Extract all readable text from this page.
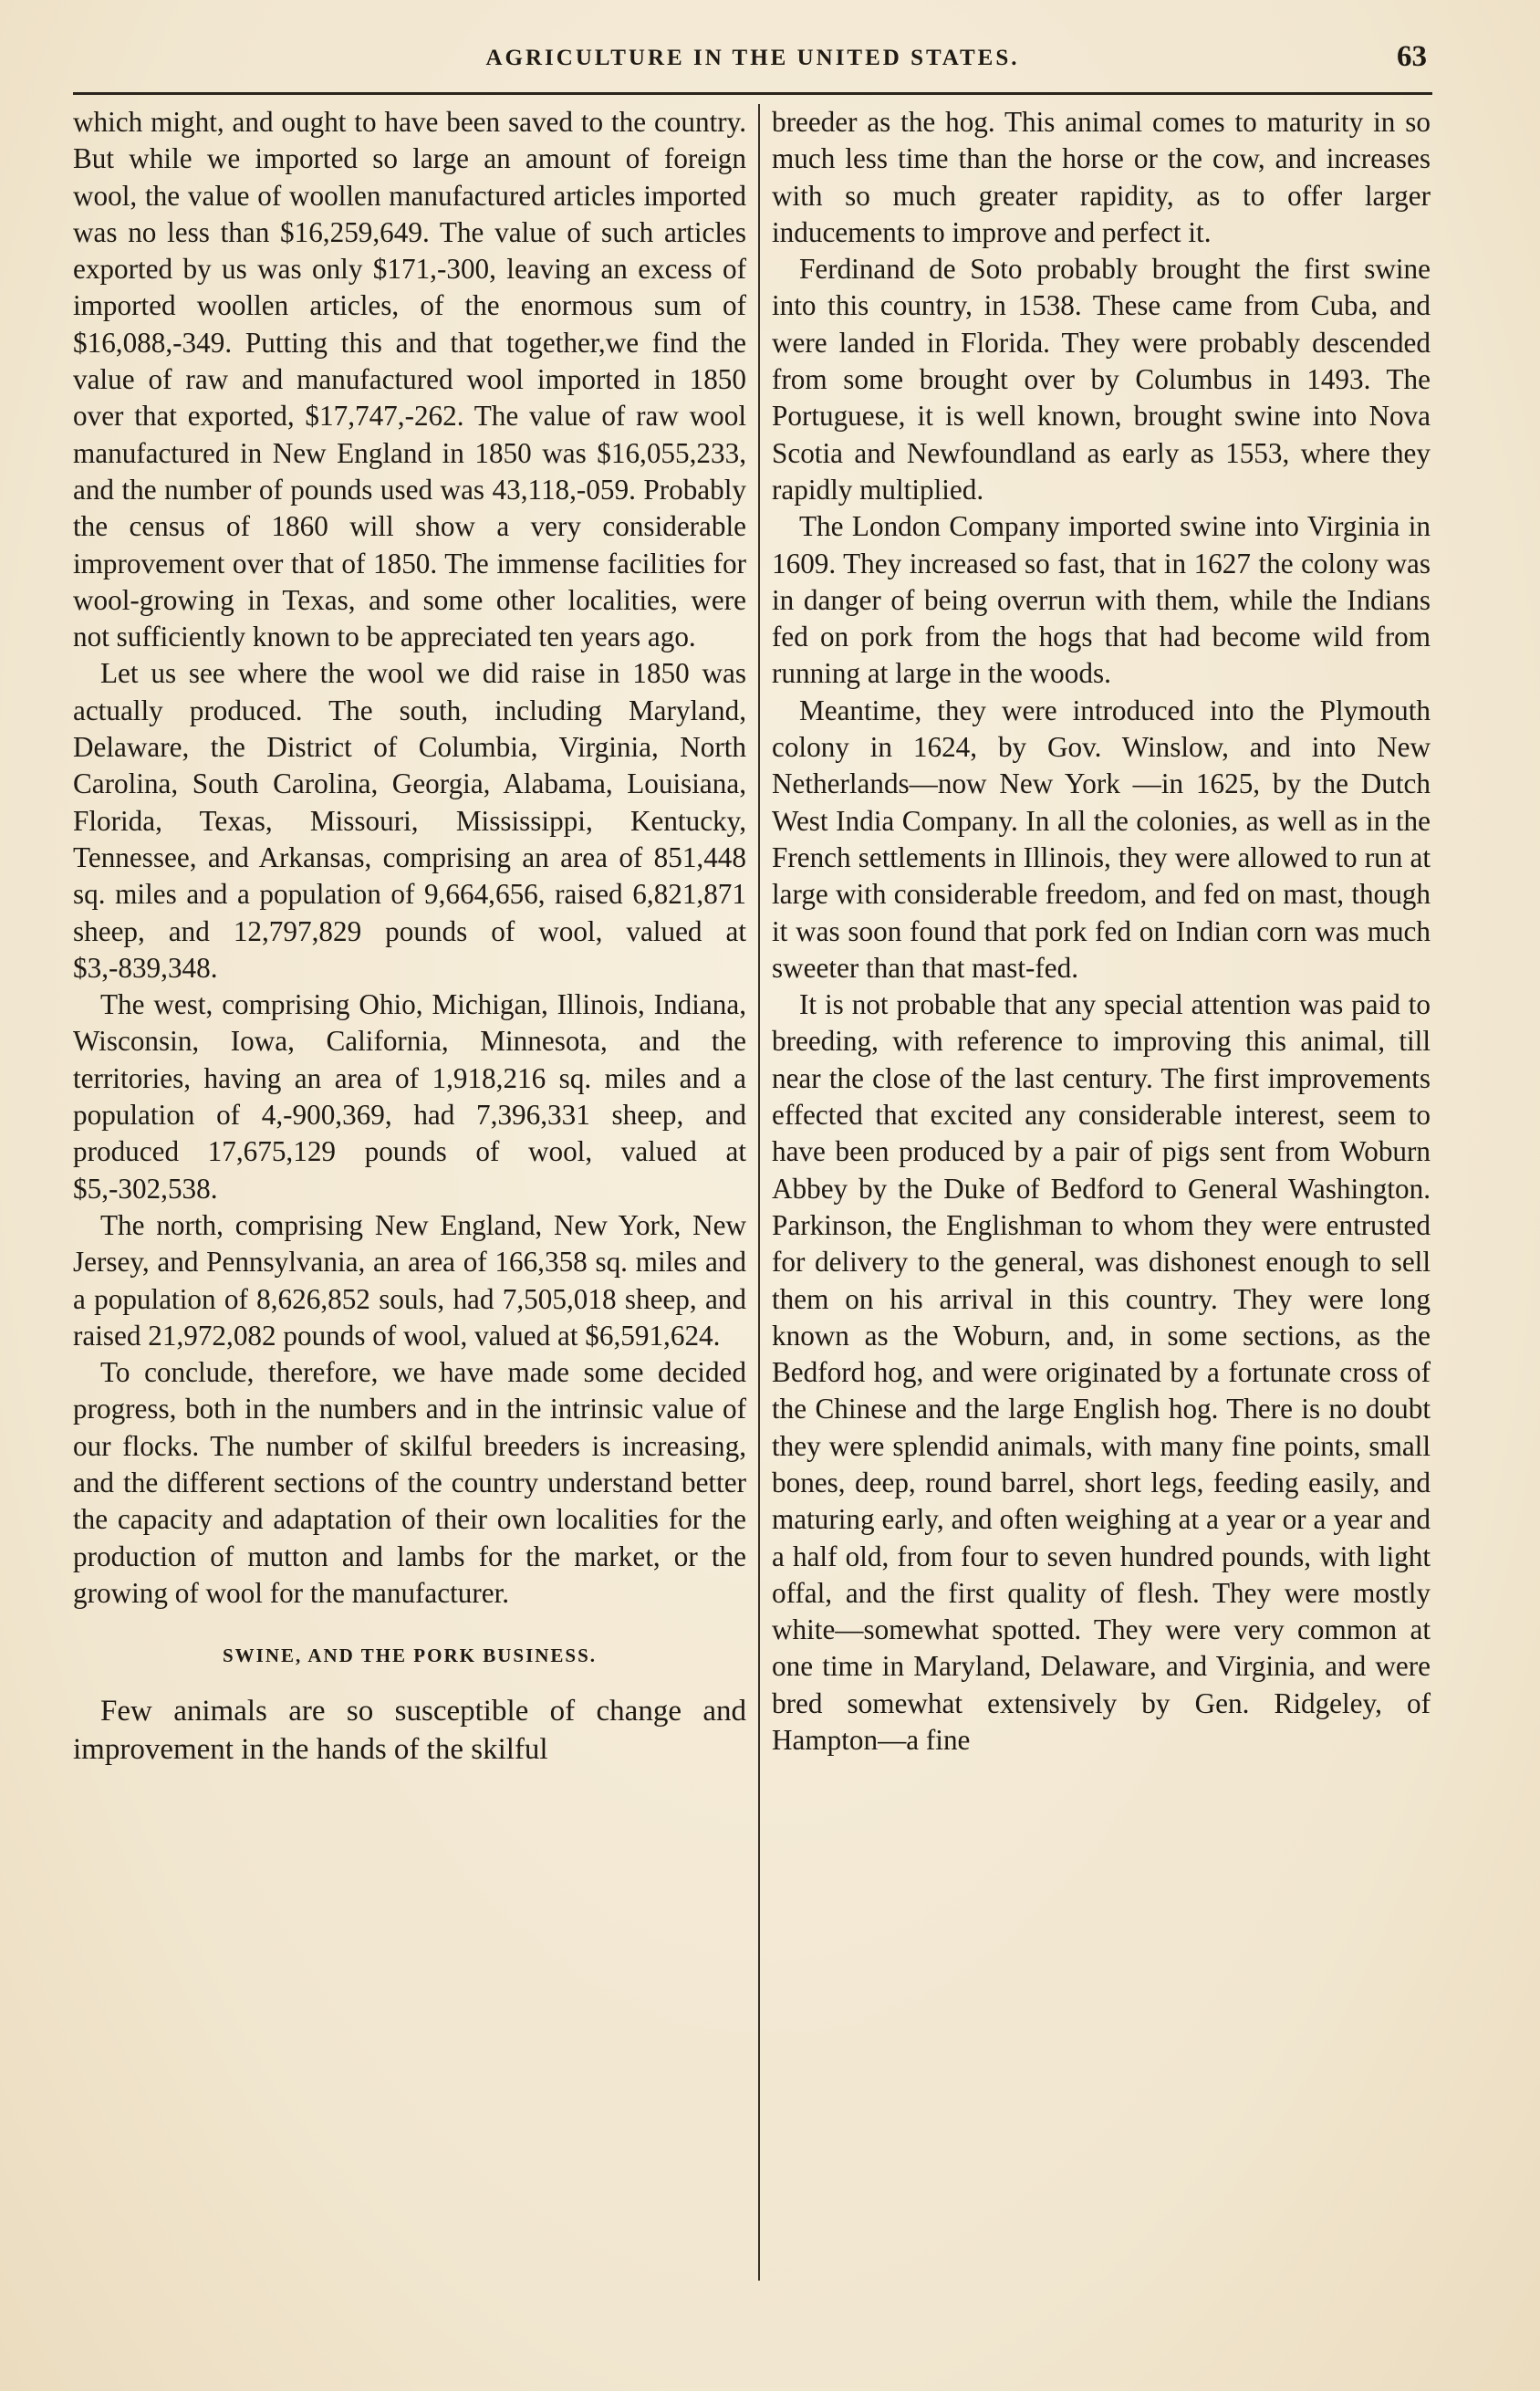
AGRICULTURE IN THE UNITED STATES.	63

which might, and ought to have been saved to the country. But while we imported so large an amount of foreign wool, the value of woollen manufactured articles imported was no less than $16,259,649. The value of such articles exported by us was only $171,-300, leaving an excess of imported woollen articles, of the enormous sum of $16,088,-349. Putting this and that together,we find the value of raw and manufactured wool imported in 1850 over that exported, $17,747,-262. The value of raw wool manufactured in New England in 1850 was $16,055,233, and the number of pounds used was 43,118,-059. Probably the census of 1860 will show a very considerable improvement over that of 1850. The immense facilities for wool-growing in Texas, and some other localities, were not sufficiently known to be appreciated ten years ago.

Let us see where the wool we did raise in 1850 was actually produced. The south, including Maryland, Delaware, the District of Columbia, Virginia, North Carolina, South Carolina, Georgia, Alabama, Louisiana, Florida, Texas, Missouri, Mississippi, Kentucky, Tennessee, and Arkansas, comprising an area of 851,448 sq. miles and a population of 9,664,656, raised 6,821,871 sheep, and 12,797,829 pounds of wool, valued at $3,-839,348.

The west, comprising Ohio, Michigan, Illinois, Indiana, Wisconsin, Iowa, California, Minnesota, and the territories, having an area of 1,918,216 sq. miles and a population of 4,-900,369, had 7,396,331 sheep, and produced 17,675,129 pounds of wool, valued at $5,-302,538.

The north, comprising New England, New York, New Jersey, and Pennsylvania, an area of 166,358 sq. miles and a population of 8,626,852 souls, had 7,505,018 sheep, and raised 21,972,082 pounds of wool, valued at $6,591,624.

To conclude, therefore, we have made some decided progress, both in the numbers and in the intrinsic value of our flocks. The number of skilful breeders is increasing, and the different sections of the country understand better the capacity and adaptation of their own localities for the production of mutton and lambs for the market, or the growing of wool for the manufacturer.

SWINE, AND THE PORK BUSINESS.

Few animals are so susceptible of change and improvement in the hands of the skilful

breeder as the hog. This animal comes to maturity in so much less time than the horse or the cow, and increases with so much greater rapidity, as to offer larger inducements to improve and perfect it.

Ferdinand de Soto probably brought the first swine into this country, in 1538. These came from Cuba, and were landed in Florida. They were probably descended from some brought over by Columbus in 1493. The Portuguese, it is well known, brought swine into Nova Scotia and Newfoundland as early as 1553, where they rapidly multiplied.

The London Company imported swine into Virginia in 1609. They increased so fast, that in 1627 the colony was in danger of being overrun with them, while the Indians fed on pork from the hogs that had become wild from running at large in the woods.

Meantime, they were introduced into the Plymouth colony in 1624, by Gov. Winslow, and into New Netherlands—now New York —in 1625, by the Dutch West India Company. In all the colonies, as well as in the French settlements in Illinois, they were allowed to run at large with considerable freedom, and fed on mast, though it was soon found that pork fed on Indian corn was much sweeter than that mast-fed.

It is not probable that any special attention was paid to breeding, with reference to improving this animal, till near the close of the last century. The first improvements effected that excited any considerable interest, seem to have been produced by a pair of pigs sent from Woburn Abbey by the Duke of Bedford to General Washington. Parkinson, the Englishman to whom they were entrusted for delivery to the general, was dishonest enough to sell them on his arrival in this country. They were long known as the Woburn, and, in some sections, as the Bedford hog, and were originated by a fortunate cross of the Chinese and the large English hog. There is no doubt they were splendid animals, with many fine points, small bones, deep, round barrel, short legs, feeding easily, and maturing early, and often weighing at a year or a year and a half old, from four to seven hundred pounds, with light offal, and the first quality of flesh. They were mostly white—somewhat spotted. They were very common at one time in Maryland, Delaware, and Virginia, and were bred somewhat extensively by Gen. Ridgeley, of Hampton—a fine
